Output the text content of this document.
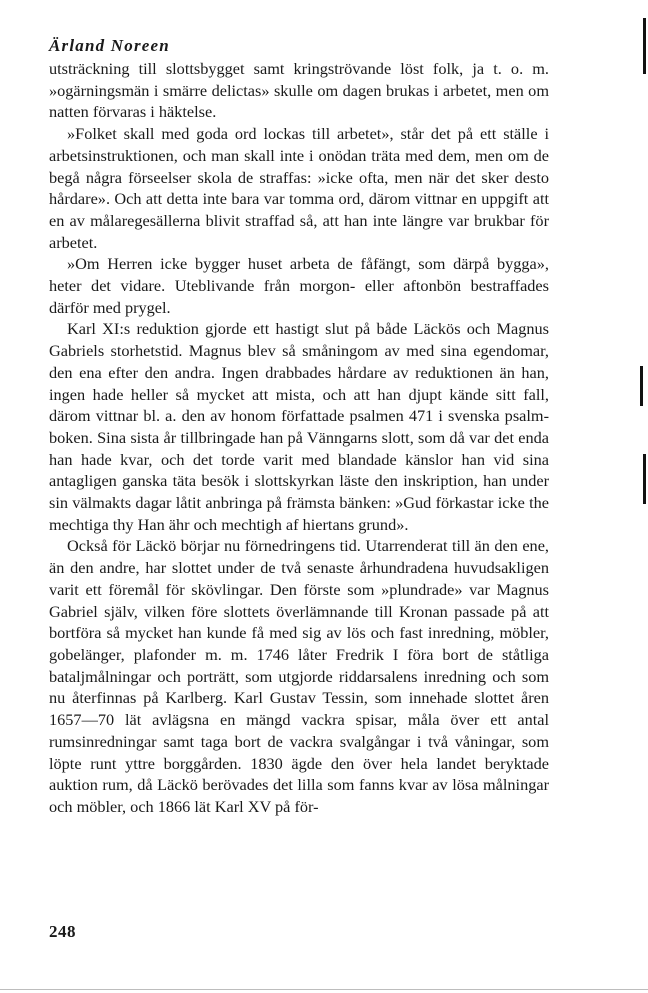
Ärland Noreen

utsträckning till slottsbygget samt kringströvande löst folk, ja t. o. m. »ogärningsmän i smärre delictas» skulle om dagen brukas i arbetet, men om natten förvaras i häktelse.

»Folket skall med goda ord lockas till arbetet», står det på ett ställe i arbetsinstruktionen, och man skall inte i onödan träta med dem, men om de begå några förseelser skola de straffas: »icke ofta, men när det sker desto hårdare». Och att detta inte bara var tomma ord, därom vittnar en uppgift att en av målaregesällerna blivit straffad så, att han inte längre var brukbar för arbetet.

»Om Herren icke bygger huset arbeta de fåfängt, som därpå bygga», heter det vidare. Uteblivande från morgon- eller aftonbön bestraffades därför med prygel.

Karl XI:s reduktion gjorde ett hastigt slut på både Läckös och Magnus Gabriels storhetstid. Magnus blev så småningom av med sina egendomar, den ena efter den andra. Ingen drabbades hårdare av reduktionen än han, ingen hade heller så mycket att mista, och att han djupt kände sitt fall, därom vittnar bl. a. den av honom författade psalmen 471 i svenska psalmboken. Sina sista år tillbringade han på Vänngarns slott, som då var det enda han hade kvar, och det torde varit med blandade känslor han vid sina antagligen ganska täta besök i slottskyrkan läste den inskription, han under sin välmakts dagar låtit anbringa på främsta bänken: »Gud förkastar icke the mechtiga thy Han ähr och mechtigh af hiertans grund».

Också för Läckö börjar nu förnedringens tid. Utarrenderat till än den ene, än den andre, har slottet under de två senaste århundradena huvudsakligen varit ett föremål för skövlingar. Den förste som »plundrade» var Magnus Gabriel själv, vilken före slottets överlämnande till Kronan passade på att bortföra så mycket han kunde få med sig av lös och fast inredning, möbler, gobelänger, plafonder m. m. 1746 låter Fredrik I föra bort de ståtliga bataljmålningar och porträtt, som utgjorde riddarsalens inredning och som nu återfinnas på Karlberg. Karl Gustav Tessin, som innehade slottet åren 1657—70 lät avlägsna en mängd vackra spisar, måla över ett antal rumsinredningar samt taga bort de vackra svalgångar i två våningar, som löpte runt yttre borggården. 1830 ägde den över hela landet beryktade auktion rum, då Läckö berövades det lilla som fanns kvar av lösa målningar och möbler, och 1866 lät Karl XV på för-

248
